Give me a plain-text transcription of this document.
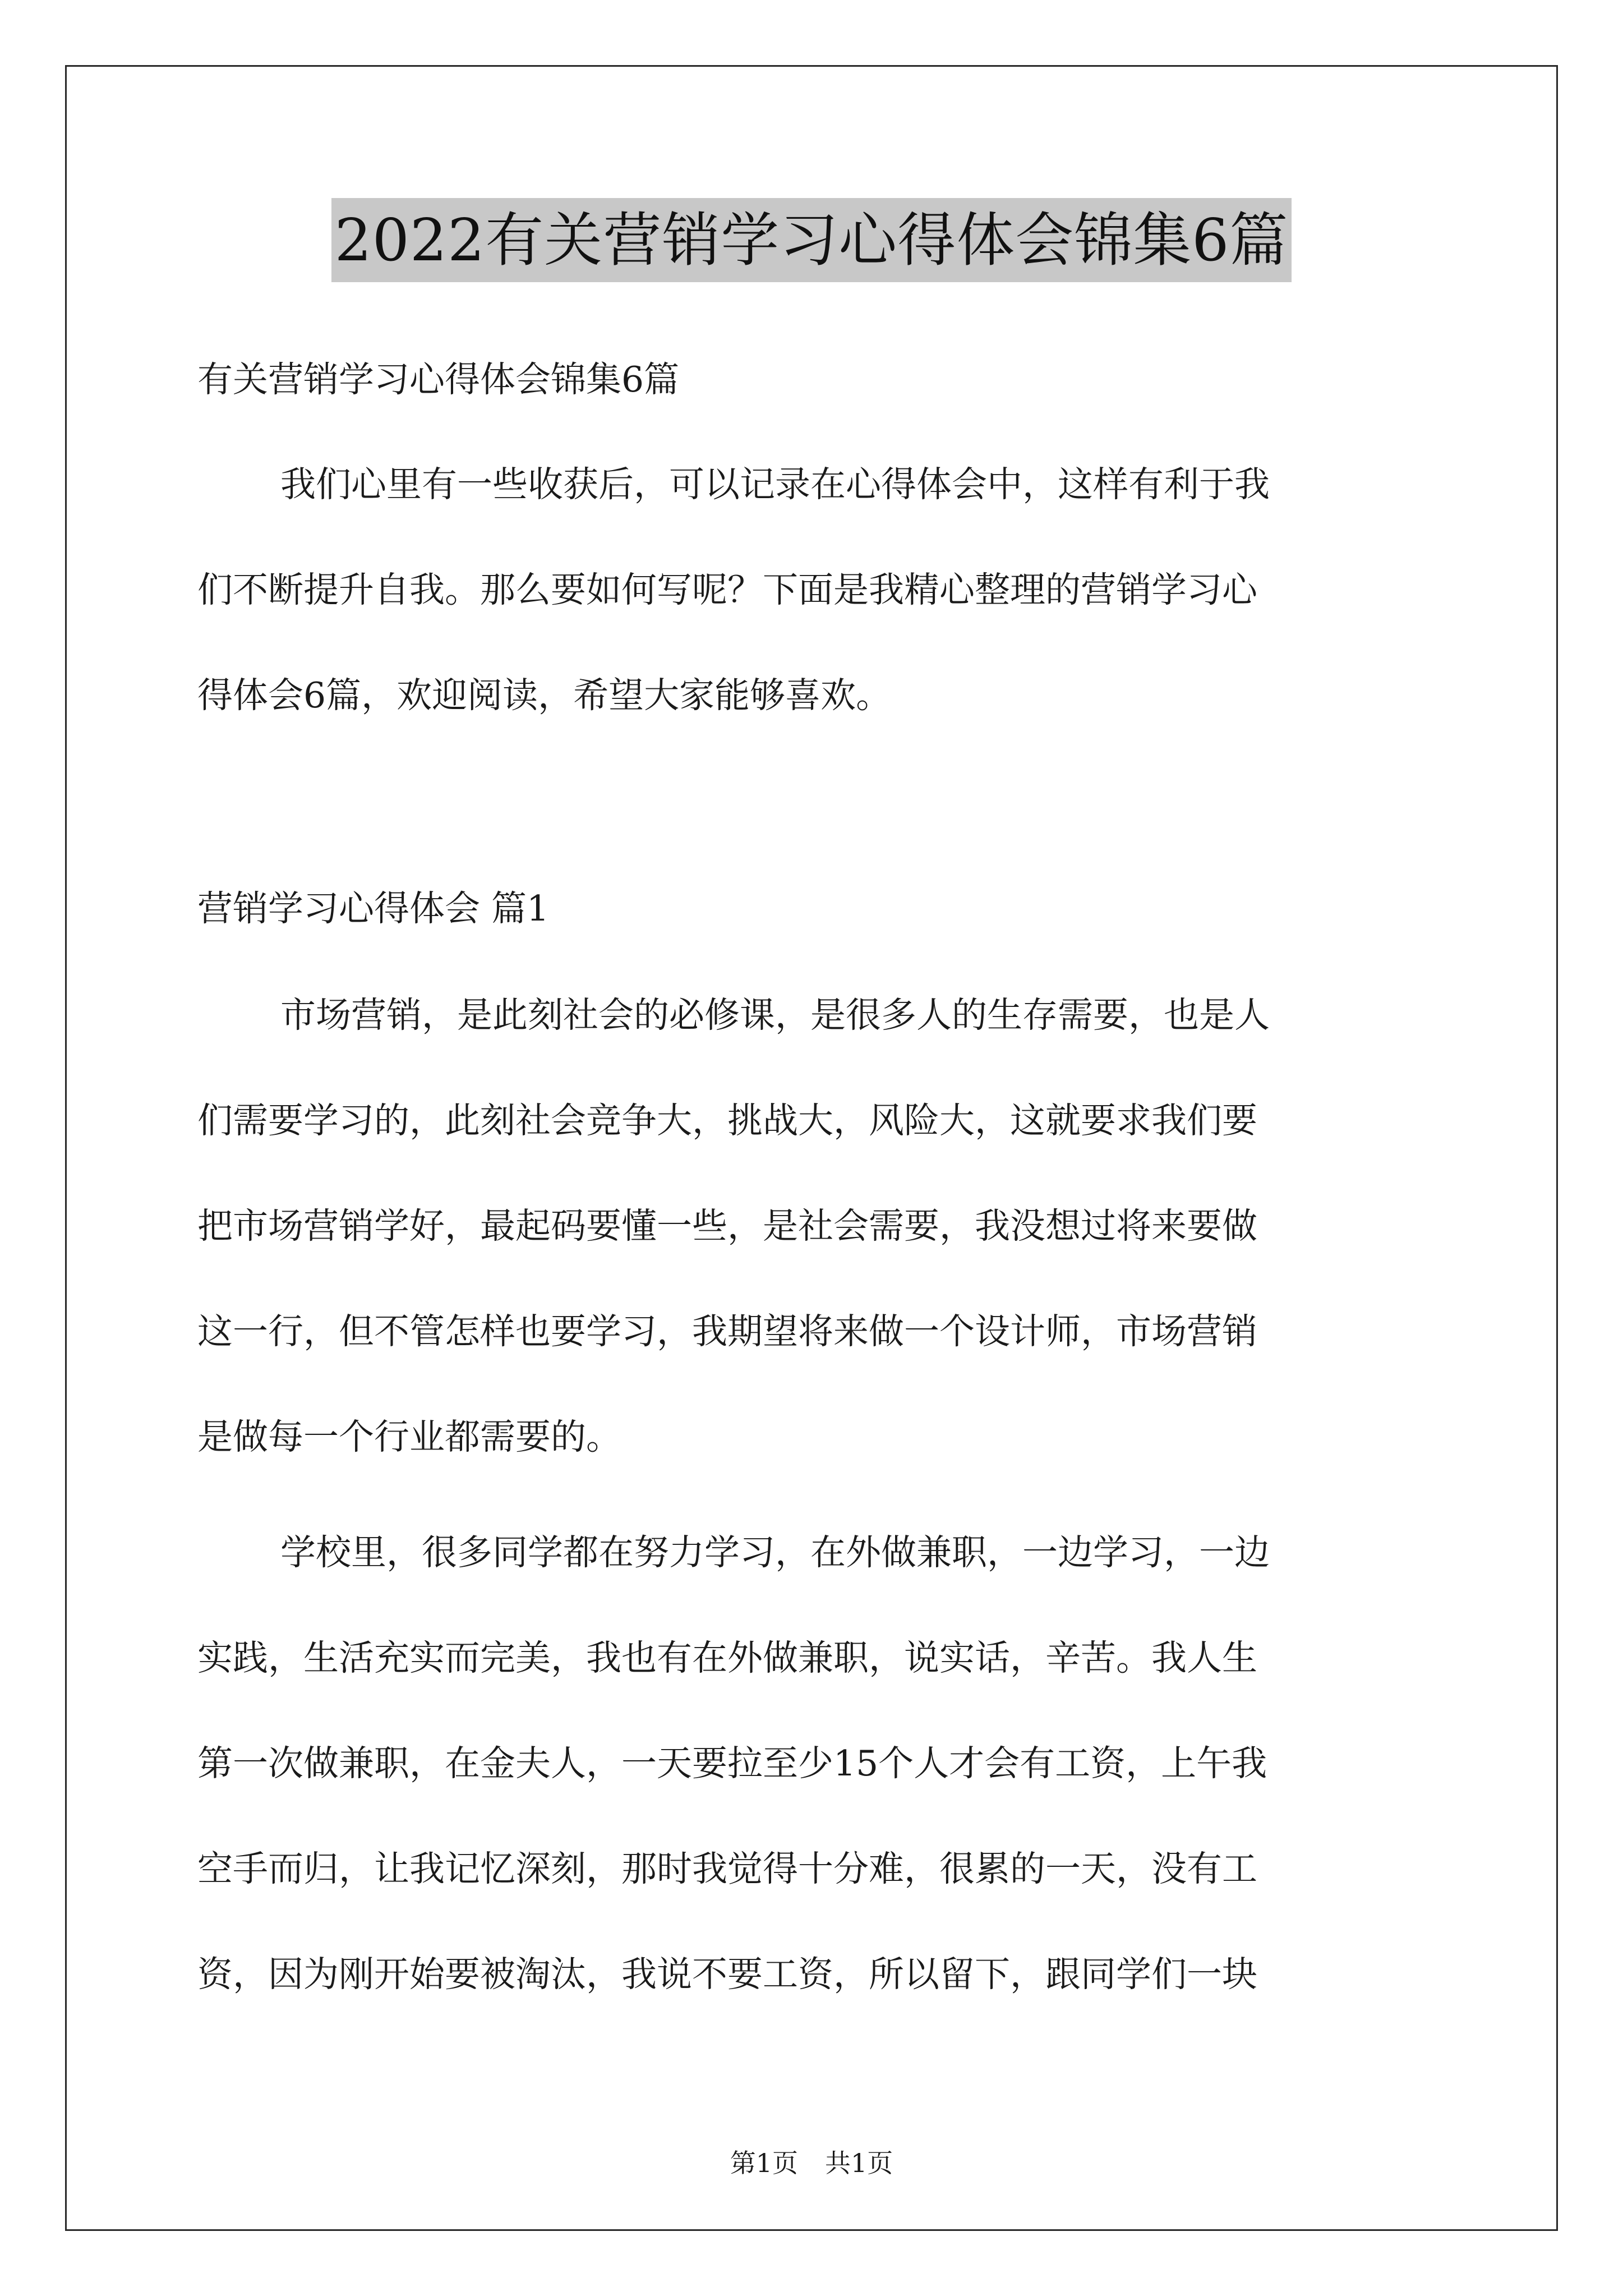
2022有关营销学习心得体会锦集6篇

有关营销学习心得体会锦集6篇

我们心里有一些收获后，可以记录在心得体会中，这样有利于我
们不断提升自我。那么要如何写呢？下面是我精心整理的营销学习心
得体会6篇，欢迎阅读，希望大家能够喜欢。

营销学习心得体会 篇1

市场营销，是此刻社会的必修课，是很多人的生存需要，也是人
们需要学习的，此刻社会竞争大，挑战大，风险大，这就要求我们要
把市场营销学好，最起码要懂一些，是社会需要，我没想过将来要做
这一行，但不管怎样也要学习，我期望将来做一个设计师，市场营销
是做每一个行业都需要的。
学校里，很多同学都在努力学习，在外做兼职，一边学习，一边
实践，生活充实而完美，我也有在外做兼职，说实话，辛苦。我人生
第一次做兼职，在金夫人，一天要拉至少15个人才会有工资，上午我
空手而归，让我记忆深刻，那时我觉得十分难，很累的一天，没有工
资，因为刚开始要被淘汰，我说不要工资，所以留下，跟同学们一块
第1页 共1页
